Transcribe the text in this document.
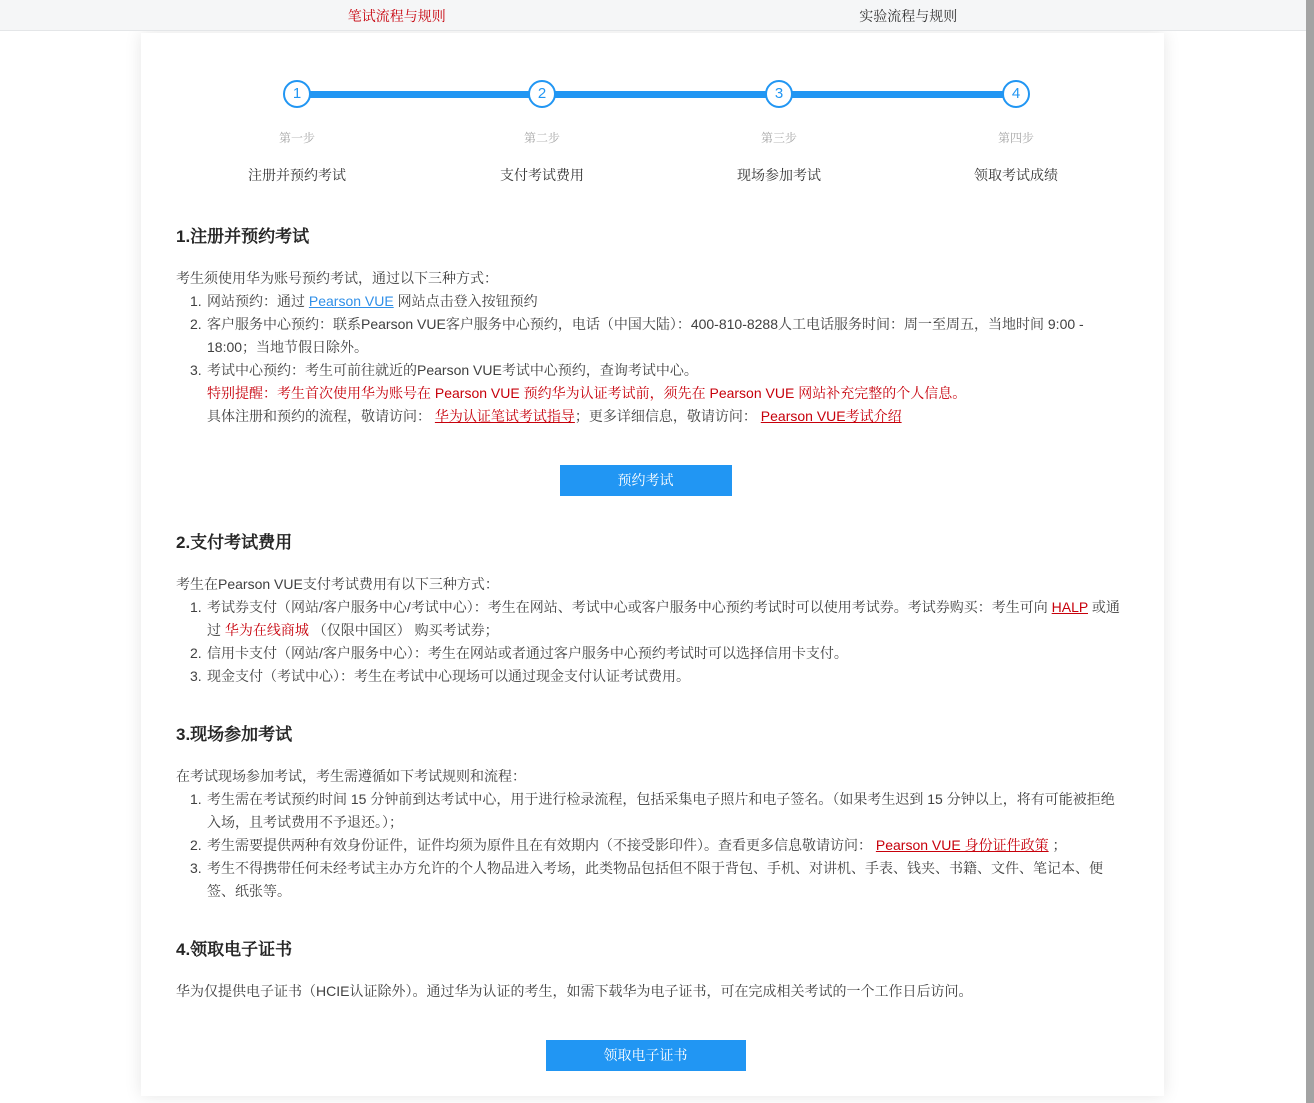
笔试流程与规则	实验流程与规则
1
第一步
注册并预约考试
2
第二步
支付考试费用
3
第三步
现场参加考试
4
第四步
领取考试成绩
1.注册并预约考试
考生须使用华为账号预约考试，通过以下三种方式：
1. 网站预约：通过 Pearson VUE 网站点击登入按钮预约
2. 客户服务中心预约：联系Pearson VUE客户服务中心预约，电话（中国大陆）：400-810-8288人工电话服务时间：周一至周五，当地时间 9:00 - 18:00；当地节假日除外。
3. 考试中心预约：考生可前往就近的Pearson VUE考试中心预约，查询考试中心。
特别提醒：考生首次使用华为账号在 Pearson VUE 预约华为认证考试前，须先在 Pearson VUE 网站补充完整的个人信息。
具体注册和预约的流程，敬请访问： 华为认证笔试考试指导；更多详细信息，敬请访问： Pearson VUE考试介绍
预约考试
2.支付考试费用
考生在Pearson VUE支付考试费用有以下三种方式：
1. 考试券支付（网站/客户服务中心/考试中心）：考生在网站、考试中心或客户服务中心预约考试时可以使用考试券。考试券购买：考生可向 HALP 或通过 华为在线商城 （仅限中国区） 购买考试券；
2. 信用卡支付（网站/客户服务中心）：考生在网站或者通过客户服务中心预约考试时可以选择信用卡支付。
3. 现金支付（考试中心）：考生在考试中心现场可以通过现金支付认证考试费用。
3.现场参加考试
在考试现场参加考试，考生需遵循如下考试规则和流程：
1. 考生需在考试预约时间 15 分钟前到达考试中心，用于进行检录流程，包括采集电子照片和电子签名。（如果考生迟到 15 分钟以上，将有可能被拒绝入场，且考试费用不予退还。）；
2. 考生需要提供两种有效身份证件，证件均须为原件且在有效期内（不接受影印件）。查看更多信息敬请访问： Pearson VUE 身份证件政策 ；
3. 考生不得携带任何未经考试主办方允许的个人物品进入考场，此类物品包括但不限于背包、手机、对讲机、手表、钱夹、书籍、文件、笔记本、便签、纸张等。
4.领取电子证书
华为仅提供电子证书（HCIE认证除外）。通过华为认证的考生，如需下载华为电子证书，可在完成相关考试的一个工作日后访问。
领取电子证书
